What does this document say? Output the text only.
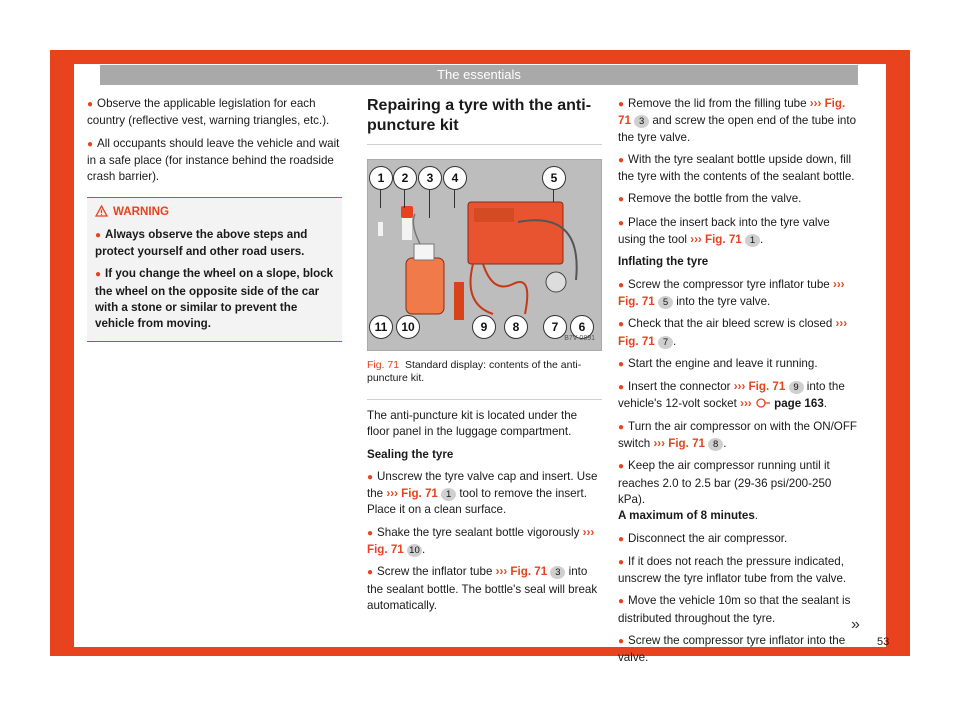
The essentials

● Observe the applicable legislation for each country (reflective vest, warning triangles, etc.).

● All occupants should leave the vehicle and wait in a safe place (for instance behind the roadside crash barrier).

WARNING

● Always observe the above steps and protect yourself and other road users.

● If you change the wheel on a slope, block the wheel on the opposite side of the car with a stone or similar to prevent the vehicle from moving.

Repairing a tyre with the anti-puncture kit
1	2	3	4	5
11	10	9	8	7	6
B7V-0891
Fig. 71 Standard display: contents of the anti-puncture kit.

The anti-puncture kit is located under the floor panel in the luggage compartment.

Sealing the tyre

● Unscrew the tyre valve cap and insert. Use the ››› Fig. 71 1 tool to remove the insert. Place it on a clean surface.

● Shake the tyre sealant bottle vigorously ››› Fig. 71 10 .

● Screw the inflator tube ››› Fig. 71 3 into the sealant bottle. The bottle's seal will break automatically.

● Remove the lid from the filling tube ››› Fig. 71 3 and screw the open end of the tube into the tyre valve.

● With the tyre sealant bottle upside down, fill the tyre with the contents of the sealant bottle.

● Remove the bottle from the valve.

● Place the insert back into the tyre valve using the tool ››› Fig. 71 1 .

Inflating the tyre

● Screw the compressor tyre inflator tube ››› Fig. 71 5 into the tyre valve.

● Check that the air bleed screw is closed ››› Fig. 71 7 .

● Start the engine and leave it running.

● Insert the connector ››› Fig. 71 9 into the vehicle's 12-volt socket ››› page 163.

● Turn the air compressor on with the ON/OFF switch ››› Fig. 71 8 .

● Keep the air compressor running until it reaches 2.0 to 2.5 bar (29-36 psi/200-250 kPa).
A maximum of 8 minutes.

● Disconnect the air compressor.

● If it does not reach the pressure indicated, unscrew the tyre inflator tube from the valve.

● Move the vehicle 10m so that the sealant is distributed throughout the tyre.

● Screw the compressor tyre inflator into the valve.

»
53
